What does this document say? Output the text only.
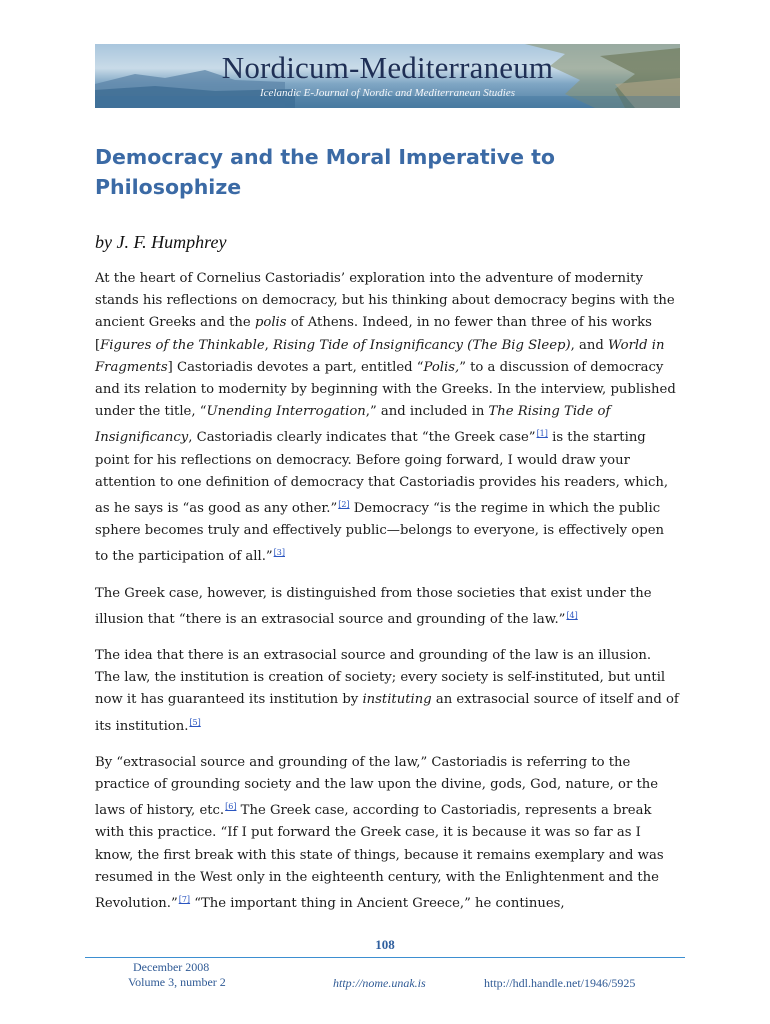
Nordicum-Mediterraneum
Icelandic E-Journal of Nordic and Mediterranean Studies
Democracy and the Moral Imperative to Philosophize

by J. F. Humphrey

At the heart of Cornelius Castoriadis’ exploration into the adventure of modernity stands his reflections on democracy, but his thinking about democracy begins with the ancient Greeks and the polis of Athens. Indeed, in no fewer than three of his works [Figures of the Thinkable, Rising Tide of Insignificancy (The Big Sleep), and World in Fragments] Castoriadis devotes a part, entitled “Polis,” to a discussion of democracy and its relation to modernity by beginning with the Greeks. In the interview, published under the title, “Unending Interrogation,” and included in The Rising Tide of Insignificancy, Castoriadis clearly indicates that “the Greek case”[1] is the starting point for his reflections on democracy. Before going forward, I would draw your attention to one definition of democracy that Castoriadis provides his readers, which, as he says is “as good as any other.”[2] Democracy “is the regime in which the public sphere becomes truly and effectively public—belongs to everyone, is effectively open to the participation of all.”[3]

The Greek case, however, is distinguished from those societies that exist under the illusion that “there is an extrasocial source and grounding of the law.”[4]

The idea that there is an extrasocial source and grounding of the law is an illusion. The law, the institution is creation of society; every society is self-instituted, but until now it has guaranteed its institution by instituting an extrasocial source of itself and of its institution.[5]

By “extrasocial source and grounding of the law,” Castoriadis is referring to the practice of grounding society and the law upon the divine, gods, God, nature, or the laws of history, etc.[6] The Greek case, according to Castoriadis, represents a break with this practice. “If I put forward the Greek case, it is because it was so far as I know, the first break with this state of things, because it remains exemplary and was resumed in the West only in the eighteenth century, with the Enlightenment and the Revolution.”[7] “The important thing in Ancient Greece,” he continues,

108
December 2008
Volume 3, number 2	http://nome.unak.is	http://hdl.handle.net/1946/5925
